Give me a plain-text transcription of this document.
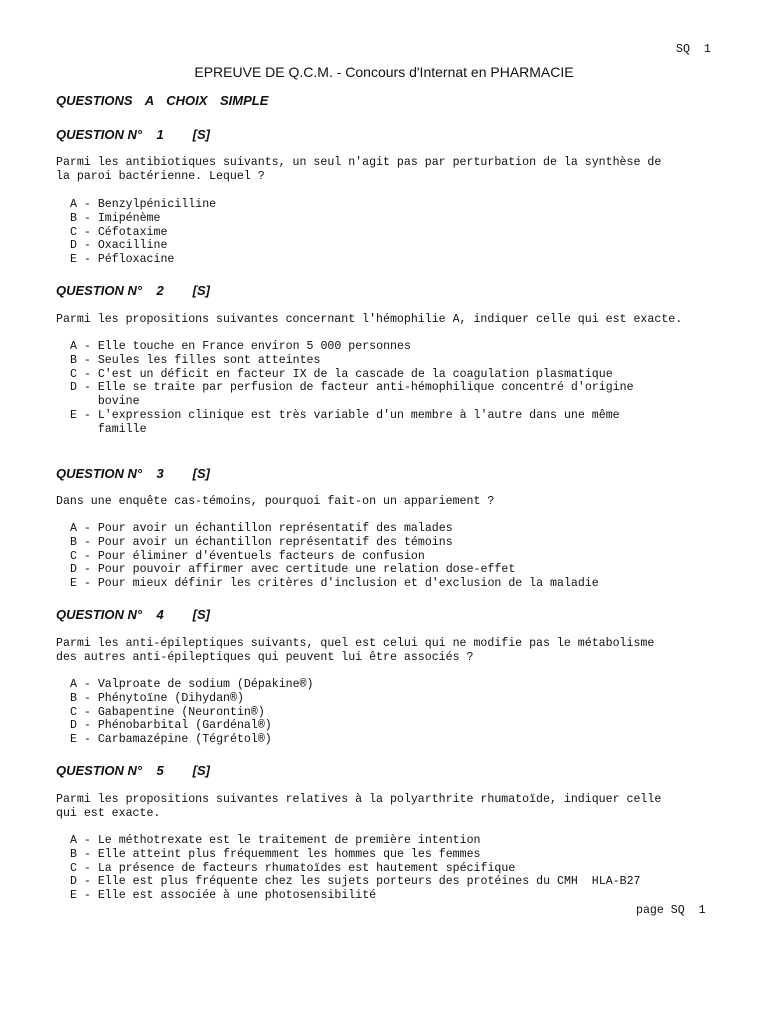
SQ  1
EPREUVE DE Q.C.M. - Concours d'Internat en PHARMACIE
QUESTIONS A CHOIX SIMPLE
QUESTION N°    1        [S]
Parmi les antibiotiques suivants, un seul n'agit pas par perturbation de la synthèse de
la paroi bactérienne. Lequel ?
A - Benzylpénicilline
B - Imipénème
C - Céfotaxime
D - Oxacilline
E - Péfloxacine
QUESTION N°    2        [S]
Parmi les propositions suivantes concernant l'hémophilie A, indiquer celle qui est exacte.
A - Elle touche en France environ 5 000 personnes
B - Seules les filles sont atteintes
C - C'est un déficit en facteur IX de la cascade de la coagulation plasmatique
D - Elle se traite par perfusion de facteur anti-hémophilique concentré d'origine
bovine
E - L'expression clinique est très variable d'un membre à l'autre dans une même
famille
QUESTION N°    3        [S]
Dans une enquête cas-témoins, pourquoi fait-on un appariement ?
A - Pour avoir un échantillon représentatif des malades
B - Pour avoir un échantillon représentatif des témoins
C - Pour éliminer d'éventuels facteurs de confusion
D - Pour pouvoir affirmer avec certitude une relation dose-effet
E - Pour mieux définir les critères d'inclusion et d'exclusion de la maladie
QUESTION N°    4        [S]
Parmi les anti-épileptiques suivants, quel est celui qui ne modifie pas le métabolisme
des autres anti-épileptiques qui peuvent lui être associés ?
A - Valproate de sodium (Dépakine®)
B - Phénytoïne (Dihydan®)
C - Gabapentine (Neurontin®)
D - Phénobarbital (Gardénal®)
E - Carbamazépine (Tégrétol®)
QUESTION N°    5        [S]
Parmi les propositions suivantes relatives à la polyarthrite rhumatoïde, indiquer celle
qui est exacte.
A - Le méthotrexate est le traitement de première intention
B - Elle atteint plus fréquemment les hommes que les femmes
C - La présence de facteurs rhumatoïdes est hautement spécifique
D - Elle est plus fréquente chez les sujets porteurs des protéines du CMH  HLA-B27
E - Elle est associée à une photosensibilité
page SQ  1
